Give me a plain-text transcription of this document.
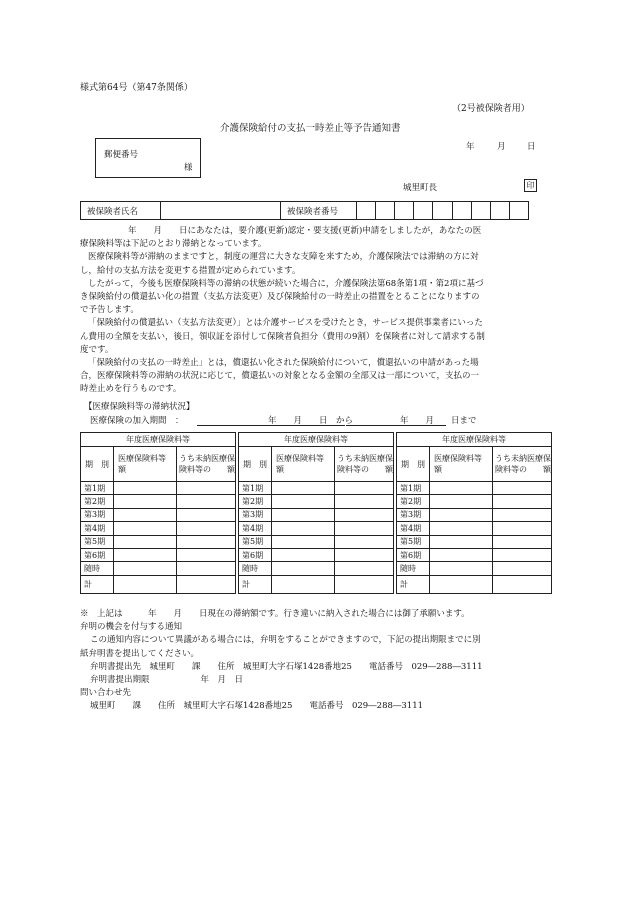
様式第64号（第47条関係）
（2号被保険者用）
介護保険給付の支払一時差止等予告通知書
郵便番号
様
年	月	日
城里町長	印
被保険者氏名		被保険者番号									
年　　月　　日にあなたは，要介護(更新)認定・要支援(更新)申請をしましたが，あなたの医
療保険料等は下記のとおり滞納となっています。
医療保険料等が滞納のままですと，制度の運営に大きな支障を来すため，介護保険法では滞納の方に対
し，給付の支払方法を変更する措置が定められています。
したがって，今後も医療保険料等の滞納の状態が続いた場合に，介護保険法第68条第1項・第2項に基づ
き保険給付の償還払い化の措置（支払方法変更）及び保険給付の一時差止の措置をとることになりますの
で予告します。
「保険給付の償還払い（支払方法変更）」とは介護サービスを受けたとき，サービス提供事業者にいった
ん費用の全額を支払い，後日，領収証を添付して保険者負担分（費用の9割）を保険者に対して請求する制
度です。
「保険給付の支払の一時差止」とは，償還払い化された保険給付について，償還払いの申請があった場
合，医療保険料等の滞納の状況に応じて，償還払いの対象となる金額の全部又は一部について，支払の一
時差止めを行うものです。
【医療保険料等の滞納状況】
医療保険の加入期間　：	年　　月　　日　から	年　　月　　日まで
年度医療保険料等		
期　別	医療保険料等　　額	うち未納医療保険料等の　　額
第1期		
第2期		
第3期		
第4期		
第5期		
第6期		
随時		
計		
年度医療保険料等		
期　別	医療保険料等　　額	うち未納医療保険料等の　　額
第1期		
第2期		
第3期		
第4期		
第5期		
第6期		
随時		
計		
年度医療保険料等		
期　別	医療保険料等　　額	うち未納医療保険料等の　　額
第1期		
第2期		
第3期		
第4期		
第5期		
第6期		
随時		
計		
※　上記は　　　年　　月　　日現在の滞納額です。行き違いに納入された場合には御了承願います。
弁明の機会を付与する通知
この通知内容について異議がある場合には，弁明をすることができますので，下記の提出期限までに別
紙弁明書を提出してください。
弁明書提出先　城里町　　課　　住所　城里町大字石塚1428番地25　　電話番号　029―288―3111
弁明書提出期限　　　　　　年　月　日
問い合わせ先
城里町　　課　　住所　城里町大字石塚1428番地25　　電話番号　029―288―3111
